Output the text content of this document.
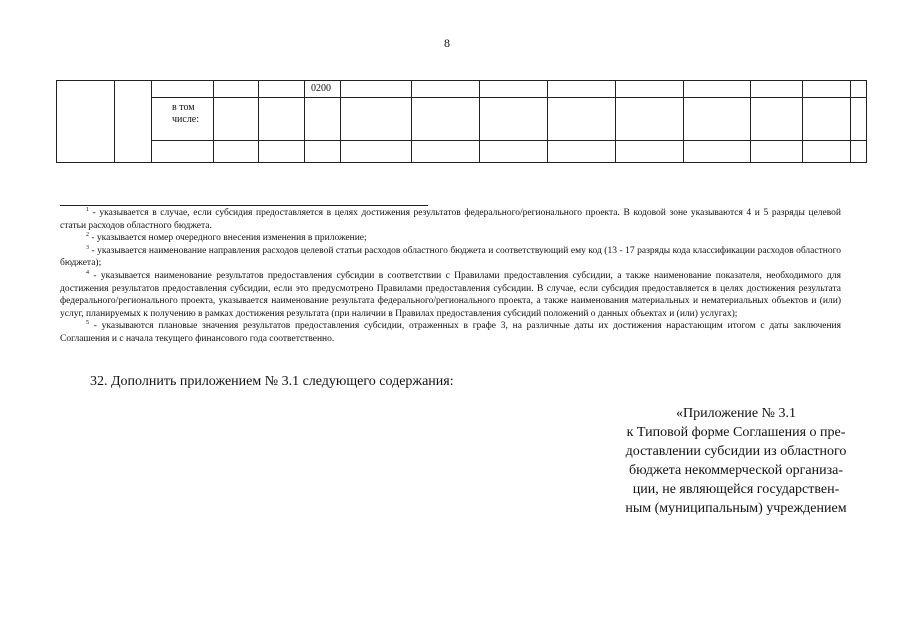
8
					0200									
		в том числе:												

$^1$ - указывается в случае, если субсидия предоставляется в целях достижения результатов федерального/регионального проекта. В кодовой зоне указываются 4 и 5 разряды целевой статьи расходов областного бюджета.

$^2$ - указывается номер очередного внесения изменения в приложение;

$^3$ - указывается наименование направления расходов целевой статьи расходов областного бюджета и соответствующий ему код (13 - 17 разряды кода классификации расходов областного бюджета);

$^4$ - указывается наименование результатов предоставления субсидии в соответствии с Правилами предоставления субсидии, а также наименование показателя, необходимого для достижения результатов предоставления субсидии, если это предусмотрено Правилами предоставления субсидии. В случае, если субсидия предоставляется в целях достижения результата федерального/регионального проекта, указывается наименование результата федерального/регионального проекта, а также наименования материальных и нематериальных объектов и (или) услуг, планируемых к получению в рамках достижения результата (при наличии в Правилах предоставления субсидий положений о данных объектах и (или) услугах);

$^5$ - указываются плановые значения результатов предоставления субсидии, отраженных в графе 3, на различные даты их достижения нарастающим итогом с даты заключения Соглашения и с начала текущего финансового года соответственно.

32. Дополнить приложением № 3.1 следующего содержания:
«Приложение № 3.1
к Типовой форме Соглашения о пре-
доставлении субсидии из областного
бюджета некоммерческой организа-
ции, не являющейся государствен-
ным (муниципальным) учреждением
